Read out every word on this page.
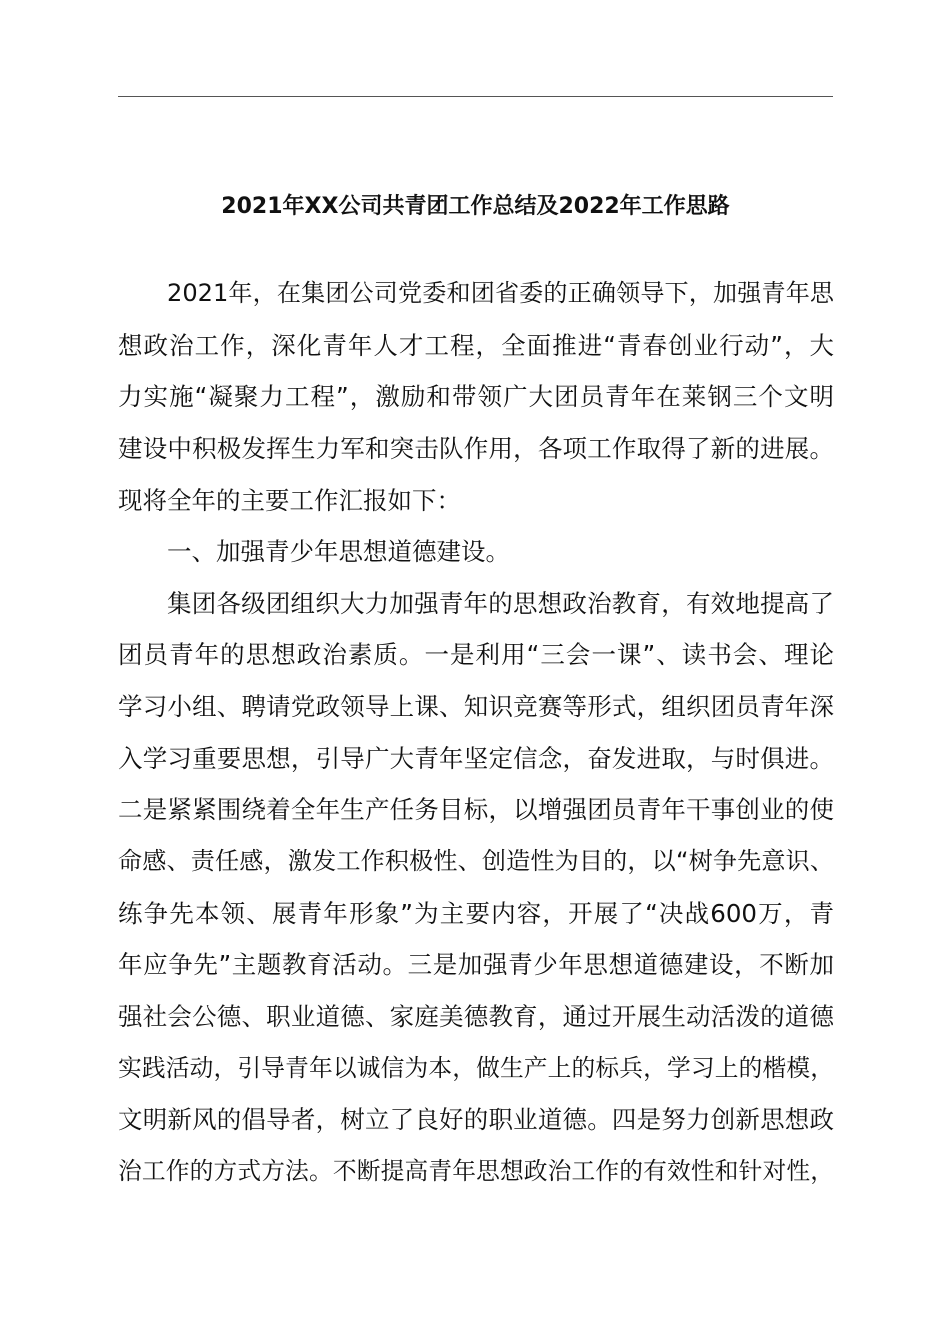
2021年XX公司共青团工作总结及2022年工作思路
2021年，在集团公司党委和团省委的正确领导下，加强青年思
想政治工作，深化青年人才工程，全面推进“青春创业行动”，大
力实施“凝聚力工程”，激励和带领广大团员青年在莱钢三个文明
建设中积极发挥生力军和突击队作用，各项工作取得了新的进展。
现将全年的主要工作汇报如下：
一、加强青少年思想道德建设。
集团各级团组织大力加强青年的思想政治教育，有效地提高了
团员青年的思想政治素质。一是利用“三会一课”、读书会、理论
学习小组、聘请党政领导上课、知识竞赛等形式，组织团员青年深
入学习重要思想，引导广大青年坚定信念，奋发进取，与时俱进。
二是紧紧围绕着全年生产任务目标，以增强团员青年干事创业的使
命感、责任感，激发工作积极性、创造性为目的，以“树争先意识、
练争先本领、展青年形象”为主要内容，开展了“决战600万，青
年应争先”主题教育活动。三是加强青少年思想道德建设，不断加
强社会公德、职业道德、家庭美德教育，通过开展生动活泼的道德
实践活动，引导青年以诚信为本，做生产上的标兵，学习上的楷模，
文明新风的倡导者，树立了良好的职业道德。四是努力创新思想政
治工作的方式方法。不断提高青年思想政治工作的有效性和针对性，
